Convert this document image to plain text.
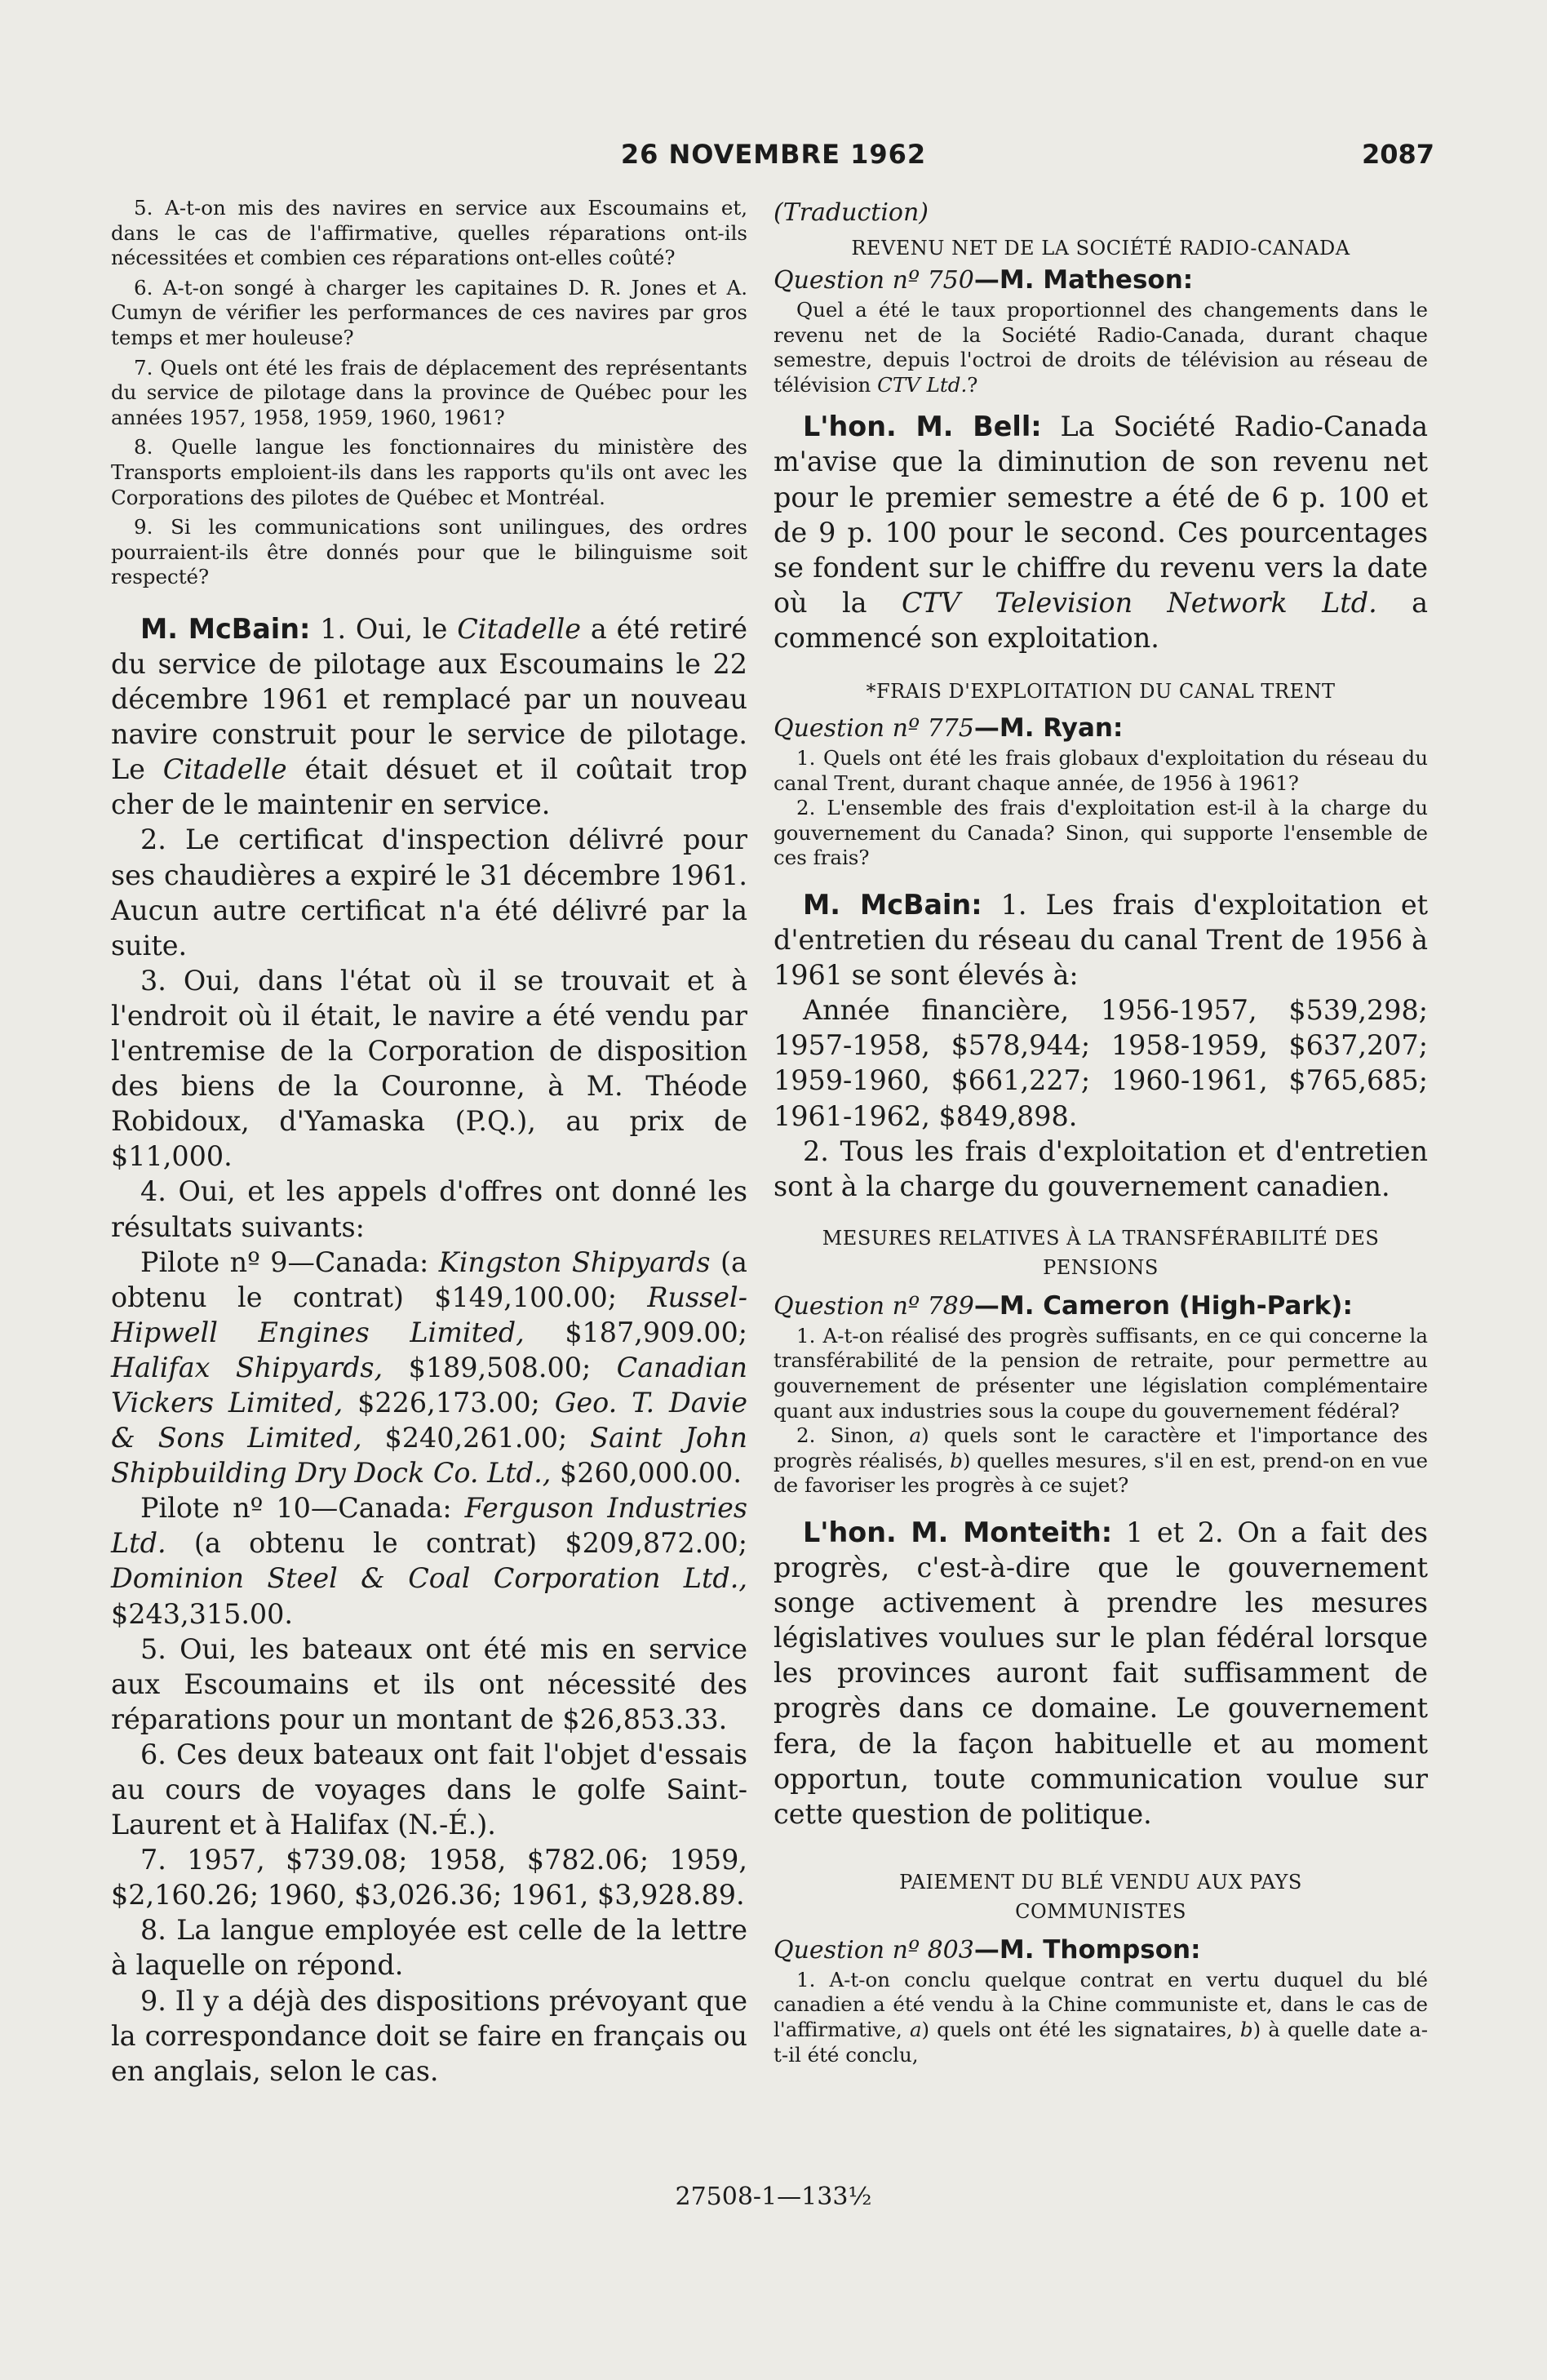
26 NOVEMBRE 1962	2087

5. A-t-on mis des navires en service aux Escoumains et, dans le cas de l'affirmative, quelles réparations ont-ils nécessitées et combien ces réparations ont-elles coûté?

6. A-t-on songé à charger les capitaines D. R. Jones et A. Cumyn de vérifier les performances de ces navires par gros temps et mer houleuse?

7. Quels ont été les frais de déplacement des représentants du service de pilotage dans la province de Québec pour les années 1957, 1958, 1959, 1960, 1961?

8. Quelle langue les fonctionnaires du ministère des Transports emploient-ils dans les rapports qu'ils ont avec les Corporations des pilotes de Québec et Montréal.

9. Si les communications sont unilingues, des ordres pourraient-ils être donnés pour que le bilinguisme soit respecté?

M. McBain: 1. Oui, le Citadelle a été retiré du service de pilotage aux Escoumains le 22 décembre 1961 et remplacé par un nouveau navire construit pour le service de pilotage. Le Citadelle était désuet et il coûtait trop cher de le maintenir en service.

2. Le certificat d'inspection délivré pour ses chaudières a expiré le 31 décembre 1961. Aucun autre certificat n'a été délivré par la suite.

3. Oui, dans l'état où il se trouvait et à l'endroit où il était, le navire a été vendu par l'entremise de la Corporation de disposition des biens de la Couronne, à M. Théode Robidoux, d'Yamaska (P.Q.), au prix de $11,000.

4. Oui, et les appels d'offres ont donné les résultats suivants:

Pilote nº 9—Canada: Kingston Shipyards (a obtenu le contrat) $149,100.00; Russel-Hipwell Engines Limited, $187,909.00; Halifax Shipyards, $189,508.00; Canadian Vickers Limited, $226,173.00; Geo. T. Davie & Sons Limited, $240,261.00; Saint John Shipbuilding Dry Dock Co. Ltd., $260,000.00.

Pilote nº 10—Canada: Ferguson Industries Ltd. (a obtenu le contrat) $209,872.00; Dominion Steel & Coal Corporation Ltd., $243,315.00.

5. Oui, les bateaux ont été mis en service aux Escoumains et ils ont nécessité des réparations pour un montant de $26,853.33.

6. Ces deux bateaux ont fait l'objet d'essais au cours de voyages dans le golfe Saint-Laurent et à Halifax (N.-É.).

7. 1957, $739.08; 1958, $782.06; 1959, $2,160.26; 1960, $3,026.36; 1961, $3,928.89.

8. La langue employée est celle de la lettre à laquelle on répond.

9. Il y a déjà des dispositions prévoyant que la correspondance doit se faire en français ou en anglais, selon le cas.

(Traduction)

REVENU NET DE LA SOCIÉTÉ RADIO-CANADA

Question nº 750—M. Matheson:

Quel a été le taux proportionnel des changements dans le revenu net de la Société Radio-Canada, durant chaque semestre, depuis l'octroi de droits de télévision au réseau de télévision CTV Ltd.?

L'hon. M. Bell: La Société Radio-Canada m'avise que la diminution de son revenu net pour le premier semestre a été de 6 p. 100 et de 9 p. 100 pour le second. Ces pourcentages se fondent sur le chiffre du revenu vers la date où la CTV Television Network Ltd. a commencé son exploitation.

*FRAIS D'EXPLOITATION DU CANAL TRENT

Question nº 775—M. Ryan:

1. Quels ont été les frais globaux d'exploitation du réseau du canal Trent, durant chaque année, de 1956 à 1961?

2. L'ensemble des frais d'exploitation est-il à la charge du gouvernement du Canada? Sinon, qui supporte l'ensemble de ces frais?

M. McBain: 1. Les frais d'exploitation et d'entretien du réseau du canal Trent de 1956 à 1961 se sont élevés à:

Année financière, 1956-1957, $539,298; 1957-1958, $578,944; 1958-1959, $637,207; 1959-1960, $661,227; 1960-1961, $765,685; 1961-1962, $849,898.

2. Tous les frais d'exploitation et d'entretien sont à la charge du gouvernement canadien.

MESURES RELATIVES À LA TRANSFÉRABILITÉ DES
PENSIONS

Question nº 789—M. Cameron (High-Park):

1. A-t-on réalisé des progrès suffisants, en ce qui concerne la transférabilité de la pension de retraite, pour permettre au gouvernement de présenter une législation complémentaire quant aux industries sous la coupe du gouvernement fédéral?

2. Sinon, a) quels sont le caractère et l'importance des progrès réalisés, b) quelles mesures, s'il en est, prend-on en vue de favoriser les progrès à ce sujet?

L'hon. M. Monteith: 1 et 2. On a fait des progrès, c'est-à-dire que le gouvernement songe activement à prendre les mesures législatives voulues sur le plan fédéral lorsque les provinces auront fait suffisamment de progrès dans ce domaine. Le gouvernement fera, de la façon habituelle et au moment opportun, toute communication voulue sur cette question de politique.

PAIEMENT DU BLÉ VENDU AUX PAYS
COMMUNISTES

Question nº 803—M. Thompson:

1. A-t-on conclu quelque contrat en vertu duquel du blé canadien a été vendu à la Chine communiste et, dans le cas de l'affirmative, a) quels ont été les signataires, b) à quelle date a-t-il été conclu,

27508-1—133½
